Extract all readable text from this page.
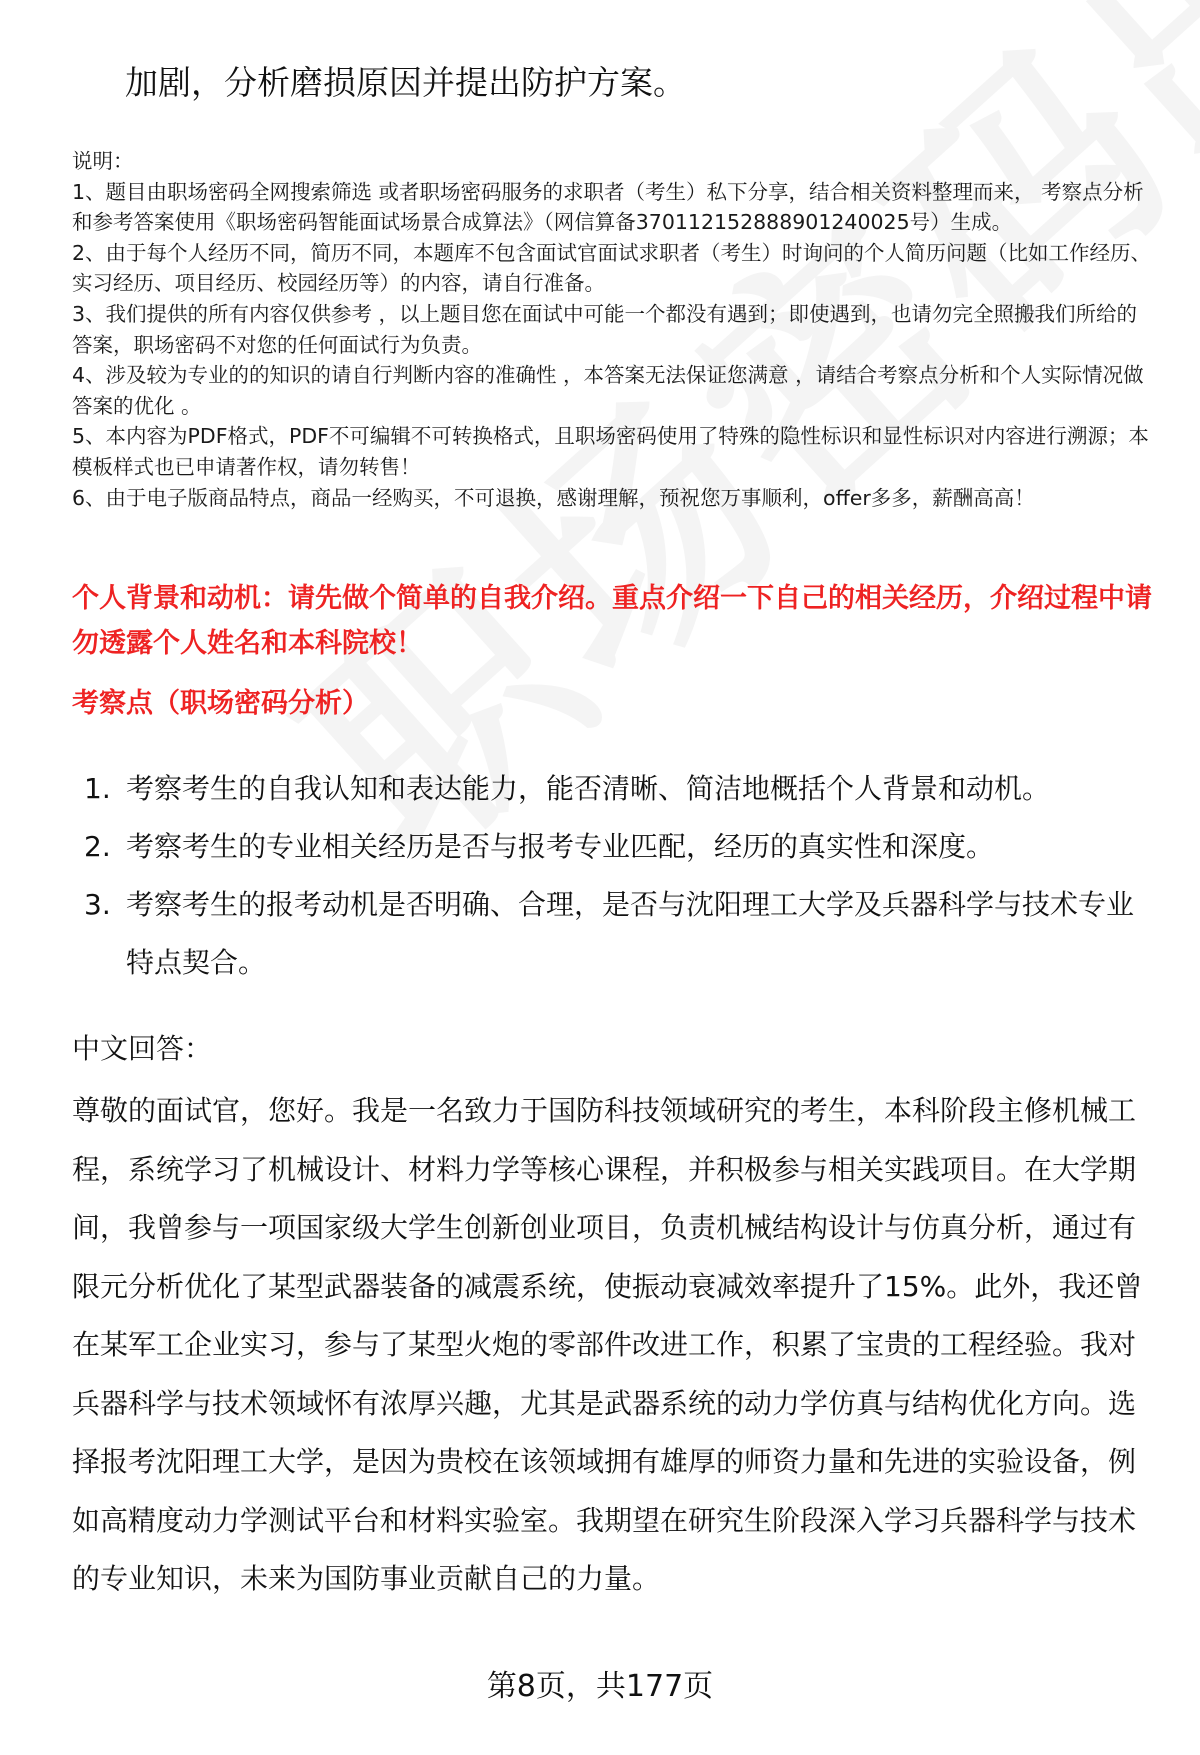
加剧，分析磨损原因并提出防护方案。

说明：

1、题目由职场密码全网搜索筛选 或者职场密码服务的求职者（考生）私下分享，结合相关资料整理而来， 考察点分析和参考答案使用《职场密码智能面试场景合成算法》（网信算备370112152888901240025号）生成。

2、由于每个人经历不同，简历不同，本题库不包含面试官面试求职者（考生）时询问的个人简历问题（比如工作经历、实习经历、项目经历、校园经历等）的内容，请自行准备。

3、我们提供的所有内容仅供参考 ，以上题目您在面试中可能一个都没有遇到；即使遇到，也请勿完全照搬我们所给的答案，职场密码不对您的任何面试行为负责。

4、涉及较为专业的的知识的请自行判断内容的准确性 ，本答案无法保证您满意 ，请结合考察点分析和个人实际情况做答案的优化 。

5、本内容为PDF格式，PDF不可编辑不可转换格式，且职场密码使用了特殊的隐性标识和显性标识对内容进行溯源；本模板样式也已申请著作权，请勿转售！

6、由于电子版商品特点，商品一经购买，不可退换，感谢理解，预祝您万事顺利，offer多多，薪酬高高！

个人背景和动机：请先做个简单的自我介绍。重点介绍一下自己的相关经历，介绍过程中请勿透露个人姓名和本科院校！
考察点（职场密码分析）
1. 考察考生的自我认知和表达能力，能否清晰、简洁地概括个人背景和动机。
2. 考察考生的专业相关经历是否与报考专业匹配，经历的真实性和深度。
3. 考察考生的报考动机是否明确、合理，是否与沈阳理工大学及兵器科学与技术专业特点契合。
中文回答：

尊敬的面试官，您好。我是一名致力于国防科技领域研究的考生，本科阶段主修机械工程，系统学习了机械设计、材料力学等核心课程，并积极参与相关实践项目。在大学期间，我曾参与一项国家级大学生创新创业项目，负责机械结构设计与仿真分析，通过有限元分析优化了某型武器装备的减震系统，使振动衰减效率提升了15%。此外，我还曾在某军工企业实习，参与了某型火炮的零部件改进工作，积累了宝贵的工程经验。我对兵器科学与技术领域怀有浓厚兴趣，尤其是武器系统的动力学仿真与结构优化方向。选择报考沈阳理工大学，是因为贵校在该领域拥有雄厚的师资力量和先进的实验设备，例如高精度动力学测试平台和材料实验室。我期望在研究生阶段深入学习兵器科学与技术的专业知识，未来为国防事业贡献自己的力量。

第8页，共177页
